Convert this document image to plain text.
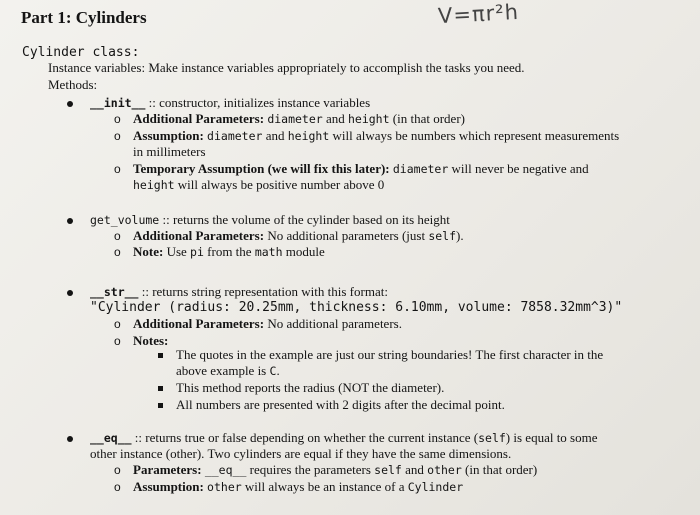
Part 1: Cylinders	V=πr²h
Cylinder class:
Instance variables: Make instance variables appropriately to accomplish the tasks you need.
Methods:
__init__ :: constructor, initializes instance variables
o Additional Parameters: diameter and height (in that order)
o Assumption: diameter and height will always be numbers which represent measurements
in millimeters
o Temporary Assumption (we will fix this later): diameter will never be negative and
height will always be positive number above 0
get_volume :: returns the volume of the cylinder based on its height
o Additional Parameters: No additional parameters (just self).
o Note: Use pi from the math module
__str__ :: returns string representation with this format:
"Cylinder (radius: 20.25mm, thickness: 6.10mm, volume: 7858.32mm^3)"
o Additional Parameters: No additional parameters.
o Notes:
The quotes in the example are just our string boundaries! The first character in the
above example is C.
This method reports the radius (NOT the diameter).
All numbers are presented with 2 digits after the decimal point.
__eq__ :: returns true or false depending on whether the current instance (self) is equal to some
other instance (other). Two cylinders are equal if they have the same dimensions.
o Parameters: __eq__ requires the parameters self and other (in that order)
o Assumption: other will always be an instance of a Cylinder
